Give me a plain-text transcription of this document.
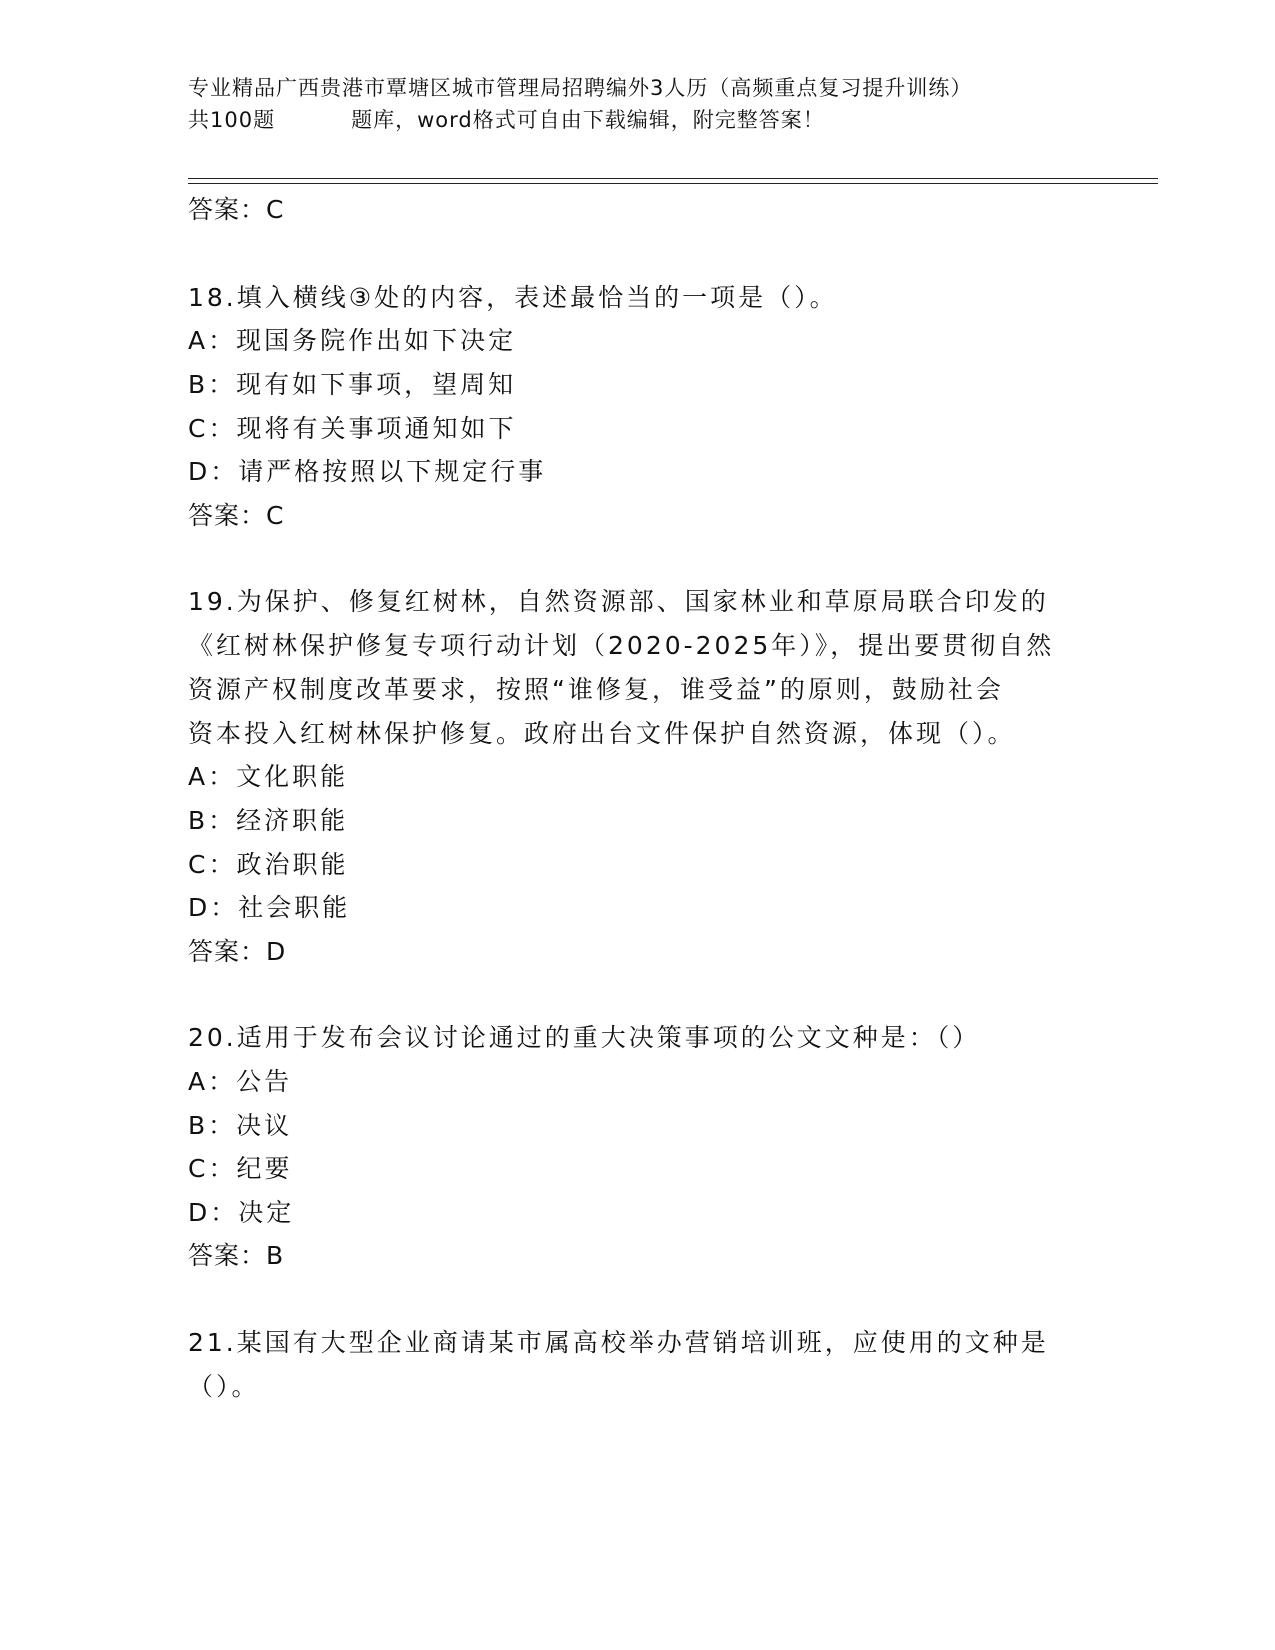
专业精品广西贵港市覃塘区城市管理局招聘编外3人历（高频重点复习提升训练）
共100题	题库，word格式可自由下载编辑，附完整答案！
答案：C
18.填入横线③处的内容，表述最恰当的一项是（）。
A：现国务院作出如下决定
B：现有如下事项，望周知
C：现将有关事项通知如下
D：请严格按照以下规定行事
答案：C
19.为保护、修复红树林，自然资源部、国家林业和草原局联合印发的
《红树林保护修复专项行动计划（2020-2025年）》，提出要贯彻自然
资源产权制度改革要求，按照“谁修复，谁受益”的原则，鼓励社会
资本投入红树林保护修复。政府出台文件保护自然资源，体现（）。
A：文化职能
B：经济职能
C：政治职能
D：社会职能
答案：D
20.适用于发布会议讨论通过的重大决策事项的公文文种是：（）
A：公告
B：决议
C：纪要
D：决定
答案：B
21.某国有大型企业商请某市属高校举办营销培训班，应使用的文种是
（）。
